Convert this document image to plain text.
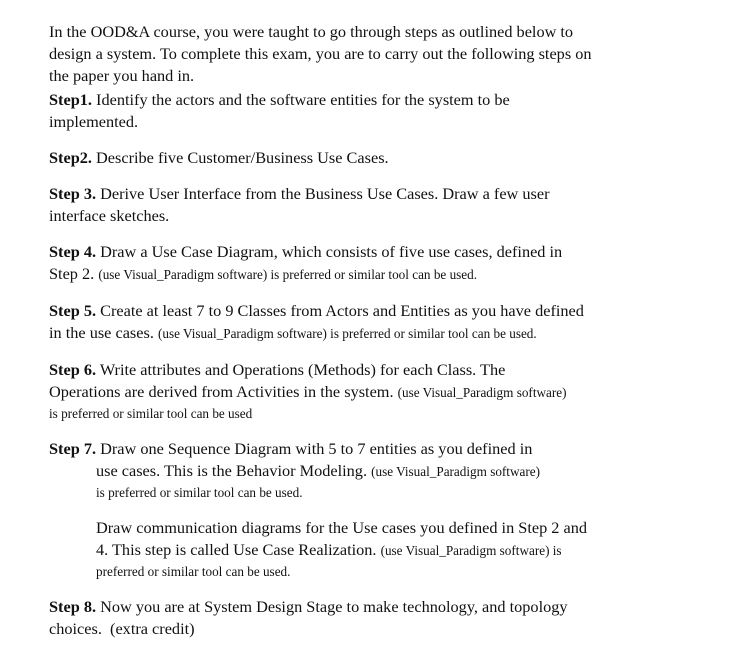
In the OOD&A course, you were taught to go through steps as outlined below to
design a system. To complete this exam, you are to carry out the following steps on
the paper you hand in.
Step1. Identify the actors and the software entities for the system to be
implemented.
Step2. Describe five Customer/Business Use Cases.
Step 3. Derive User Interface from the Business Use Cases. Draw a few user
interface sketches.
Step 4. Draw a Use Case Diagram, which consists of five use cases, defined in
Step 2. (use Visual_Paradigm software) is preferred or similar tool can be used.
Step 5. Create at least 7 to 9 Classes from Actors and Entities as you have defined
in the use cases. (use Visual_Paradigm software) is preferred or similar tool can be used.
Step 6. Write attributes and Operations (Methods) for each Class. The
Operations are derived from Activities in the system. (use Visual_Paradigm software)
is preferred or similar tool can be used
Step 7. Draw one Sequence Diagram with 5 to 7 entities as you defined in
use cases. This is the Behavior Modeling. (use Visual_Paradigm software)
is preferred or similar tool can be used.
Draw communication diagrams for the Use cases you defined in Step 2 and
4. This step is called Use Case Realization. (use Visual_Paradigm software) is
preferred or similar tool can be used.
Step 8. Now you are at System Design Stage to make technology, and topology
choices.  (extra credit)
